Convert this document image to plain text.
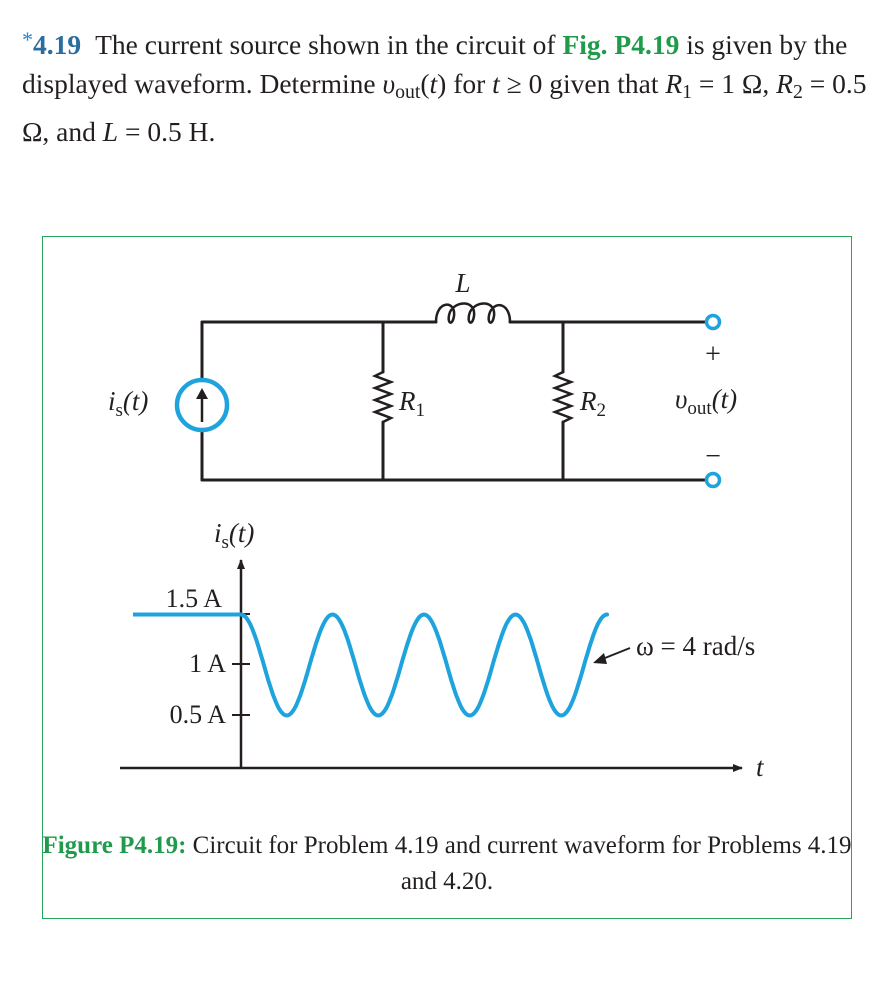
*4.19 The current source shown in the circuit of Fig. P4.19 is given by the displayed waveform. Determine $\upsilon_{out}(t)$ for t ≥ 0 given that $R_1 = 1$ Ω, $R_2 = 0.5$ Ω, and L = 0.5 H.
L
$i_s(t)$	$R_1$	$R_2$	$\upsilon_{out}(t)$
+
−
1.5 A
1 A
0.5 A
$i_s(t)$
t
ω = 4 rad/s
Figure P4.19: Circuit for Problem 4.19 and current waveform for Problems 4.19 and 4.20.
